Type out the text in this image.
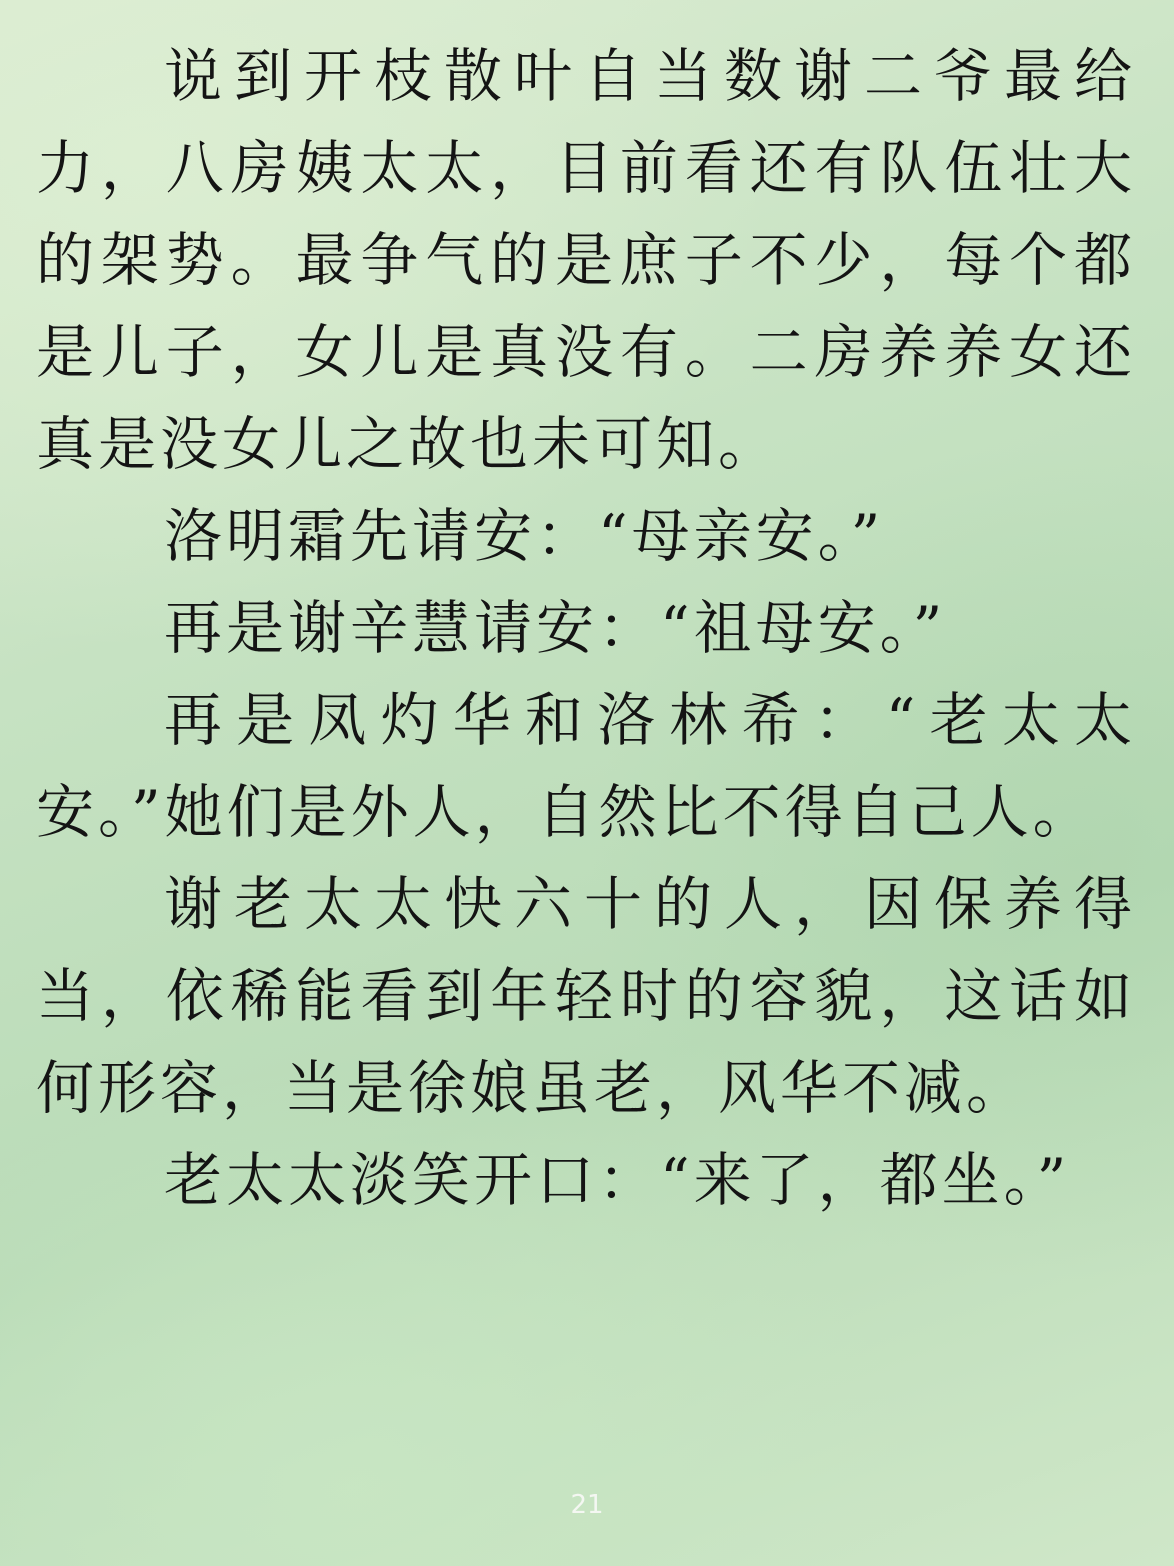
说到开枝散叶自当数谢二爷最给力，八房姨太太，目前看还有队伍壮大的架势。最争气的是庶子不少，每个都是儿子，女儿是真没有。二房养养女还真是没女儿之故也未可知。

洛明霜先请安：“母亲安。”

再是谢辛慧请安：“祖母安。”

再是凤灼华和洛林希：“老太太安。”她们是外人，自然比不得自己人。

谢老太太快六十的人，因保养得当，依稀能看到年轻时的容貌，这话如何形容，当是徐娘虽老，风华不减。

老太太淡笑开口：“来了，都坐。”

21
